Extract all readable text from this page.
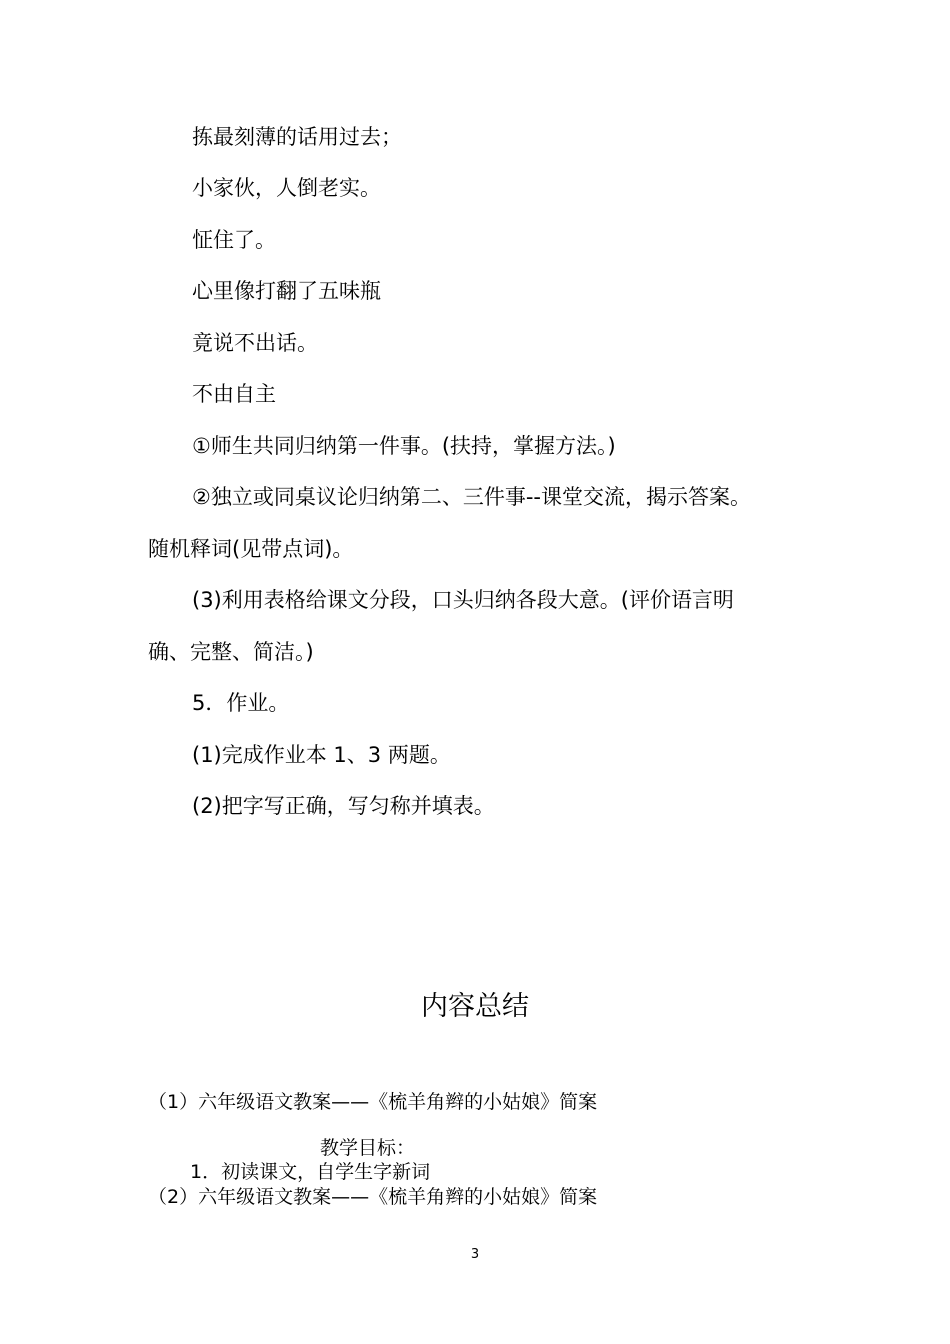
拣最刻薄的话用过去；
小家伙，人倒老实。
怔住了。
心里像打翻了五味瓶
竟说不出话。
不由自主
①师生共同归纳第一件事。(扶持，掌握方法。)
②独立或同桌议论归纳第二、三件事--课堂交流，揭示答案。
随机释词(见带点词)。
(3)利用表格给课文分段，口头归纳各段大意。(评价语言明
确、完整、简洁。)
5．作业。
(1)完成作业本 1、3 两题。
(2)把字写正确，写匀称并填表。
内容总结
（1）六年级语文教案——《梳羊角辫的小姑娘》简案
教学目标：
1．初读课文，自学生字新词
（2）六年级语文教案——《梳羊角辫的小姑娘》简案
3
